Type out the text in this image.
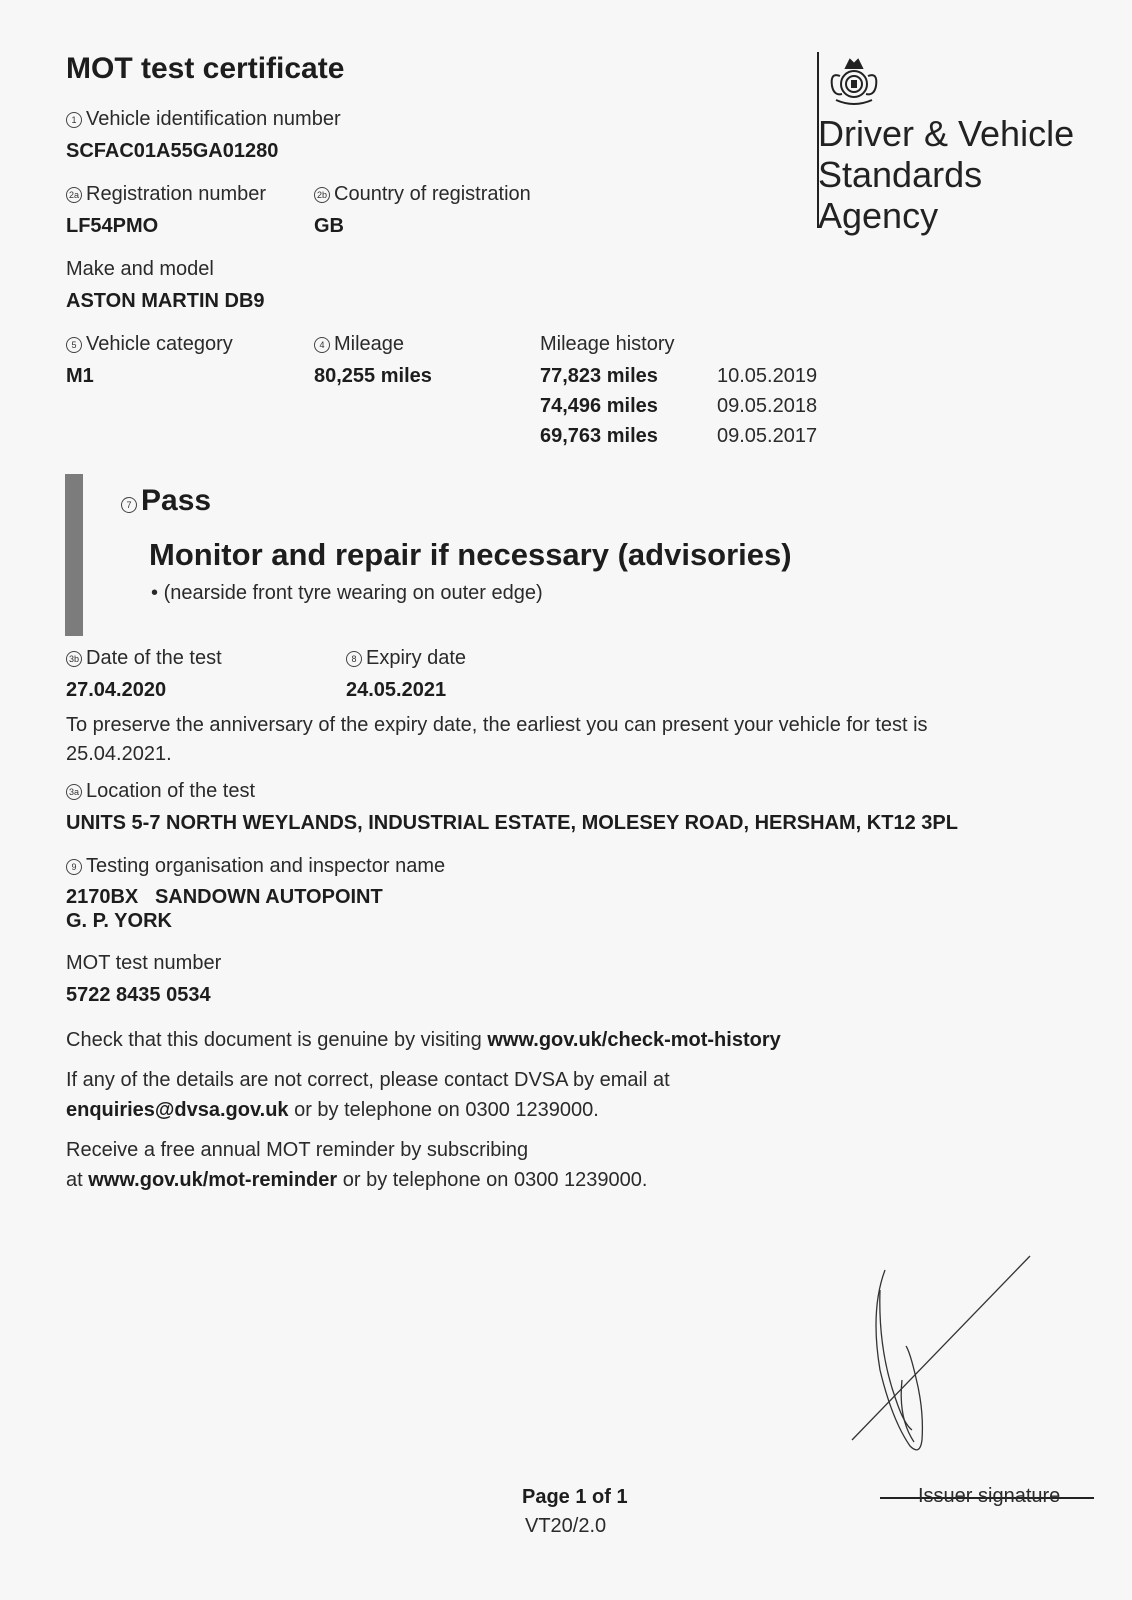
MOT test certificate
1 Vehicle identification number
SCFAC01A55GA01280
2a Registration number
LF54PMO
2b Country of registration
GB
Make and model
ASTON MARTIN DB9
5 Vehicle category
M1
4 Mileage
80,255 miles
Mileage history
77,823 miles	10.05.2019
74,496 miles	09.05.2018
69,763 miles	09.05.2017
Driver & Vehicle
Standards
Agency
7 Pass
Monitor and repair if necessary (advisories)
• (nearside front tyre wearing on outer edge)
3b Date of the test
27.04.2020
8 Expiry date
24.05.2021
To preserve the anniversary of the expiry date, the earliest you can present your vehicle for test is
25.04.2021.
3a Location of the test
UNITS 5-7 NORTH WEYLANDS, INDUSTRIAL ESTATE, MOLESEY ROAD, HERSHAM, KT12 3PL
9 Testing organisation and inspector name
2170BX   SANDOWN AUTOPOINT
G. P. YORK
MOT test number
5722 8435 0534
Check that this document is genuine by visiting www.gov.uk/check-mot-history
If any of the details are not correct, please contact DVSA by email at
enquiries@dvsa.gov.uk or by telephone on 0300 1239000.
Receive a free annual MOT reminder by subscribing
at www.gov.uk/mot-reminder or by telephone on 0300 1239000.
Issuer signature
Page 1 of 1
VT20/2.0
